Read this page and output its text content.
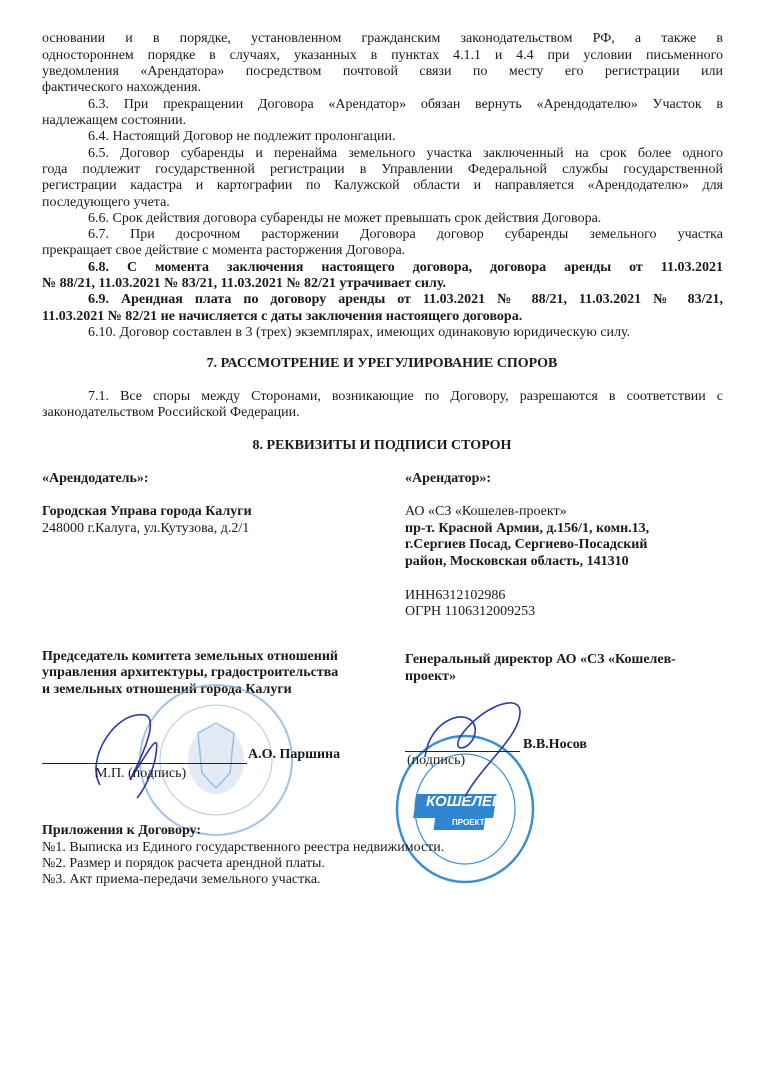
основании и в порядке, установленном гражданским законодательством РФ, а также в
одностороннем порядке в случаях, указанных в пунктах 4.1.1 и 4.4 при условии письменного
уведомления «Арендатора» посредством почтовой связи по месту его регистрации или
фактического нахождения.
6.3. При прекращении Договора «Арендатор» обязан вернуть «Арендодателю» Участок в
надлежащем состоянии.
6.4. Настоящий Договор не подлежит пролонгации.
6.5. Договор субаренды и перенайма земельного участка заключенный на срок более одного
года подлежит государственной регистрации в Управлении Федеральной службы государственной
регистрации кадастра и картографии по Калужской области и направляется «Арендодателю» для
последующего учета.
6.6. Срок действия договора субаренды не может превышать срок действия Договора.
6.7. При досрочном расторжении Договора договор субаренды земельного участка
прекращает свое действие с момента расторжения Договора.
6.8. С момента заключения настоящего договора, договора аренды от 11.03.2021
№ 88/21, 11.03.2021 № 83/21, 11.03.2021 № 82/21 утрачивает силу.
6.9. Арендная плата по договору аренды от 11.03.2021 № 88/21, 11.03.2021 № 83/21,
11.03.2021 № 82/21 не начисляется с даты заключения настоящего договора.
6.10. Договор составлен в 3 (трех) экземплярах, имеющих одинаковую юридическую силу.
7. РАССМОТРЕНИЕ И УРЕГУЛИРОВАНИЕ СПОРОВ
7.1. Все споры между Сторонами, возникающие по Договору, разрешаются в соответствии с
законодательством Российской Федерации.
8. РЕКВИЗИТЫ И ПОДПИСИ СТОРОН
«Арендодатель»:
Городская Управа города Калуги
248000 г.Калуга, ул.Кутузова, д.2/1
«Арендатор»:
АО «СЗ «Кошелев-проект»
пр-т. Красной Армии, д.156/1, комн.13,
г.Сергиев Посад, Сергиево-Посадский
район, Московская область, 141310
ИНН6312102986
ОГРН 1106312009253
Председатель комитета земельных отношений
управления архитектуры, градостроительства
и земельных отношений города Калуги
Генеральный директор АО «СЗ «Кошелев-
проект»
КОШЕЛЕВ
ПРОЕКТ
А.О. Паршина
М.П. (подпись)
В.В.Носов
(подпись)
Приложения к Договору:
№1. Выписка из Единого государственного реестра недвижимости.
№2. Размер и порядок расчета арендной платы.
№3. Акт приема-передачи земельного участка.
